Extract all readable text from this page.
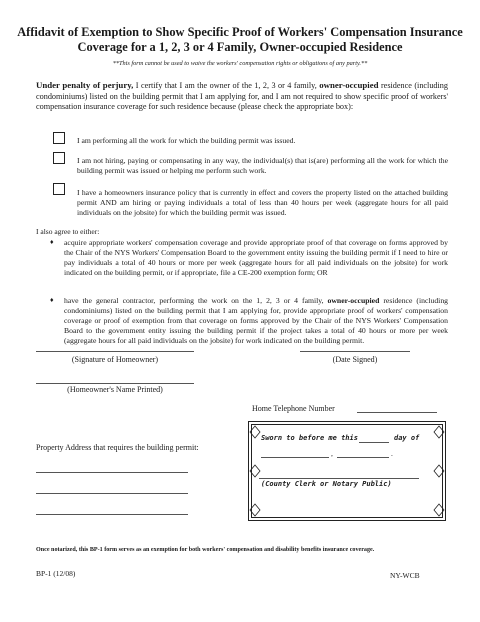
Affidavit of Exemption to Show Specific Proof of Workers' Compensation Insurance
Coverage for a 1, 2, 3 or 4 Family, Owner-occupied Residence
**This form cannot be used to waive the workers' compensation rights or obligations of any party.**
Under penalty of perjury, I certify that I am the owner of the 1, 2, 3 or 4 family, owner-occupied residence (including condominiums) listed on the building permit that I am applying for, and I am not required to show specific proof of workers' compensation insurance coverage for such residence because (please check the appropriate box):
I am performing all the work for which the building permit was issued.
I am not hiring, paying or compensating in any way, the individual(s) that is(are) performing all the work for which the building permit was issued or helping me perform such work.
I have a homeowners insurance policy that is currently in effect and covers the property listed on the attached building permit AND am hiring or paying individuals a total of less than 40 hours per week (aggregate hours for all paid individuals on the jobsite) for which the building permit was issued.
I also agree to either:
♦ acquire appropriate workers' compensation coverage and provide appropriate proof of that coverage on forms approved by the Chair of the NYS Workers' Compensation Board to the government entity issuing the building permit if I need to hire or pay individuals a total of 40 hours or more per week (aggregate hours for all paid individuals on the jobsite) for work indicated on the building permit, or if appropriate, file a CE-200 exemption form; OR
♦ have the general contractor, performing the work on the 1, 2, 3 or 4 family, owner-occupied residence (including condominiums) listed on the building permit that I am applying for, provide appropriate proof of workers' compensation coverage or proof of exemption from that coverage on forms approved by the Chair of the NYS Workers' Compensation Board to the government entity issuing the building permit if the project takes a total of 40 hours or more per week (aggregate hours for all paid individuals on the jobsite) for work indicated on the building permit.
(Signature of Homeowner)	(Date Signed)
(Homeowner's Name Printed)
Home Telephone Number
Property Address that requires the building permit:
Sworn to before me this	day of
,	.
(County Clerk or Notary Public)
Once notarized, this BP-1 form serves as an exemption for both workers' compensation and disability benefits insurance coverage.
BP-1 (12/08)	NY-WCB
